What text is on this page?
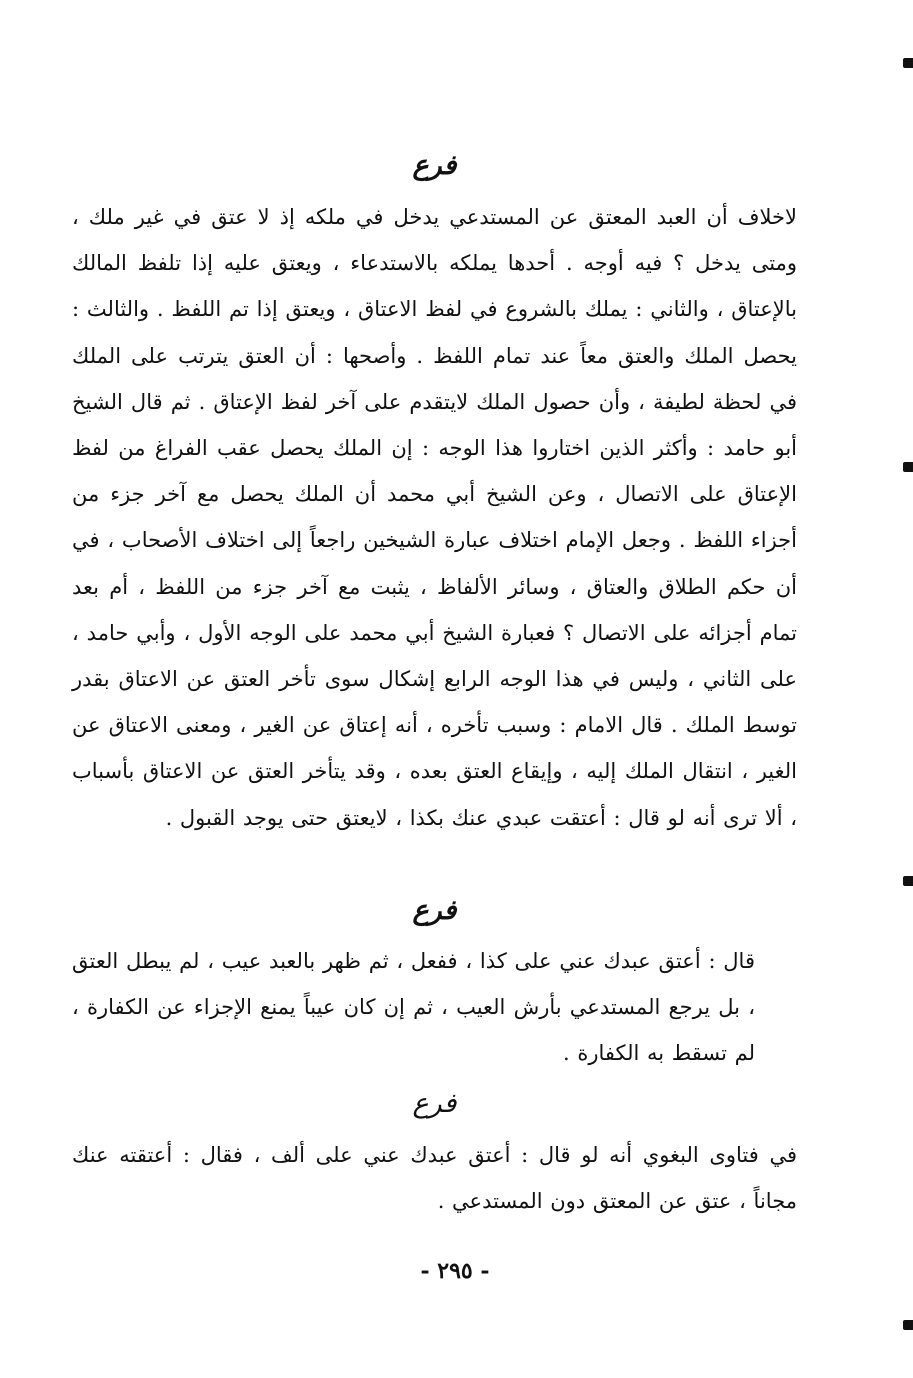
فرع
لاخلاف أن العبد المعتق عن المستدعي يدخل في ملكه إذ لا عتق في غير ملك ، ومتى يدخل ؟ فيه أوجه . أحدها يملكه بالاستدعاء ، ويعتق عليه إذا تلفظ المالك بالإعتاق ، والثاني : يملك بالشروع في لفظ الاعتاق ، ويعتق إذا تم اللفظ . والثالث : يحصل الملك والعتق معاً عند تمام اللفظ . وأصحها : أن العتق يترتب على الملك في لحظة لطيفة ، وأن حصول الملك لايتقدم على آخر لفظ الإعتاق . ثم قال الشيخ أبو حامد : وأكثر الذين اختاروا هذا الوجه : إن الملك يحصل عقب الفراغ من لفظ الإعتاق على الاتصال ، وعن الشيخ أبي محمد أن الملك يحصل مع آخر جزء من أجزاء اللفظ . وجعل الإمام اختلاف عبارة الشيخين راجعاً إلى اختلاف الأصحاب ، في أن حكم الطلاق والعتاق ، وسائر الألفاظ ، يثبت مع آخر جزء من اللفظ ، أم بعد تمام أجزائه على الاتصال ؟ فعبارة الشيخ أبي محمد على الوجه الأول ، وأبي حامد ، على الثاني ، وليس في هذا الوجه الرابع إشكال سوى تأخر العتق عن الاعتاق بقدر توسط الملك . قال الامام : وسبب تأخره ، أنه إعتاق عن الغير ، ومعنى الاعتاق عن الغير ، انتقال الملك إليه ، وإيقاع العتق بعده ، وقد يتأخر العتق عن الاعتاق بأسباب ، ألا ترى أنه لو قال : أعتقت عبدي عنك بكذا ، لايعتق حتى يوجد القبول .
فرع
قال : أعتق عبدك عني على كذا ، ففعل ، ثم ظهر بالعبد عيب ، لم يبطل العتق ، بل يرجع المستدعي بأرش العيب ، ثم إن كان عيباً يمنع الإجزاء عن الكفارة ، لم تسقط به الكفارة .
فرع
في فتاوى البغوي أنه لو قال : أعتق عبدك عني على ألف ، فقال : أعتقته عنك مجاناً ، عتق عن المعتق دون المستدعي .
- ٢٩٥ -
